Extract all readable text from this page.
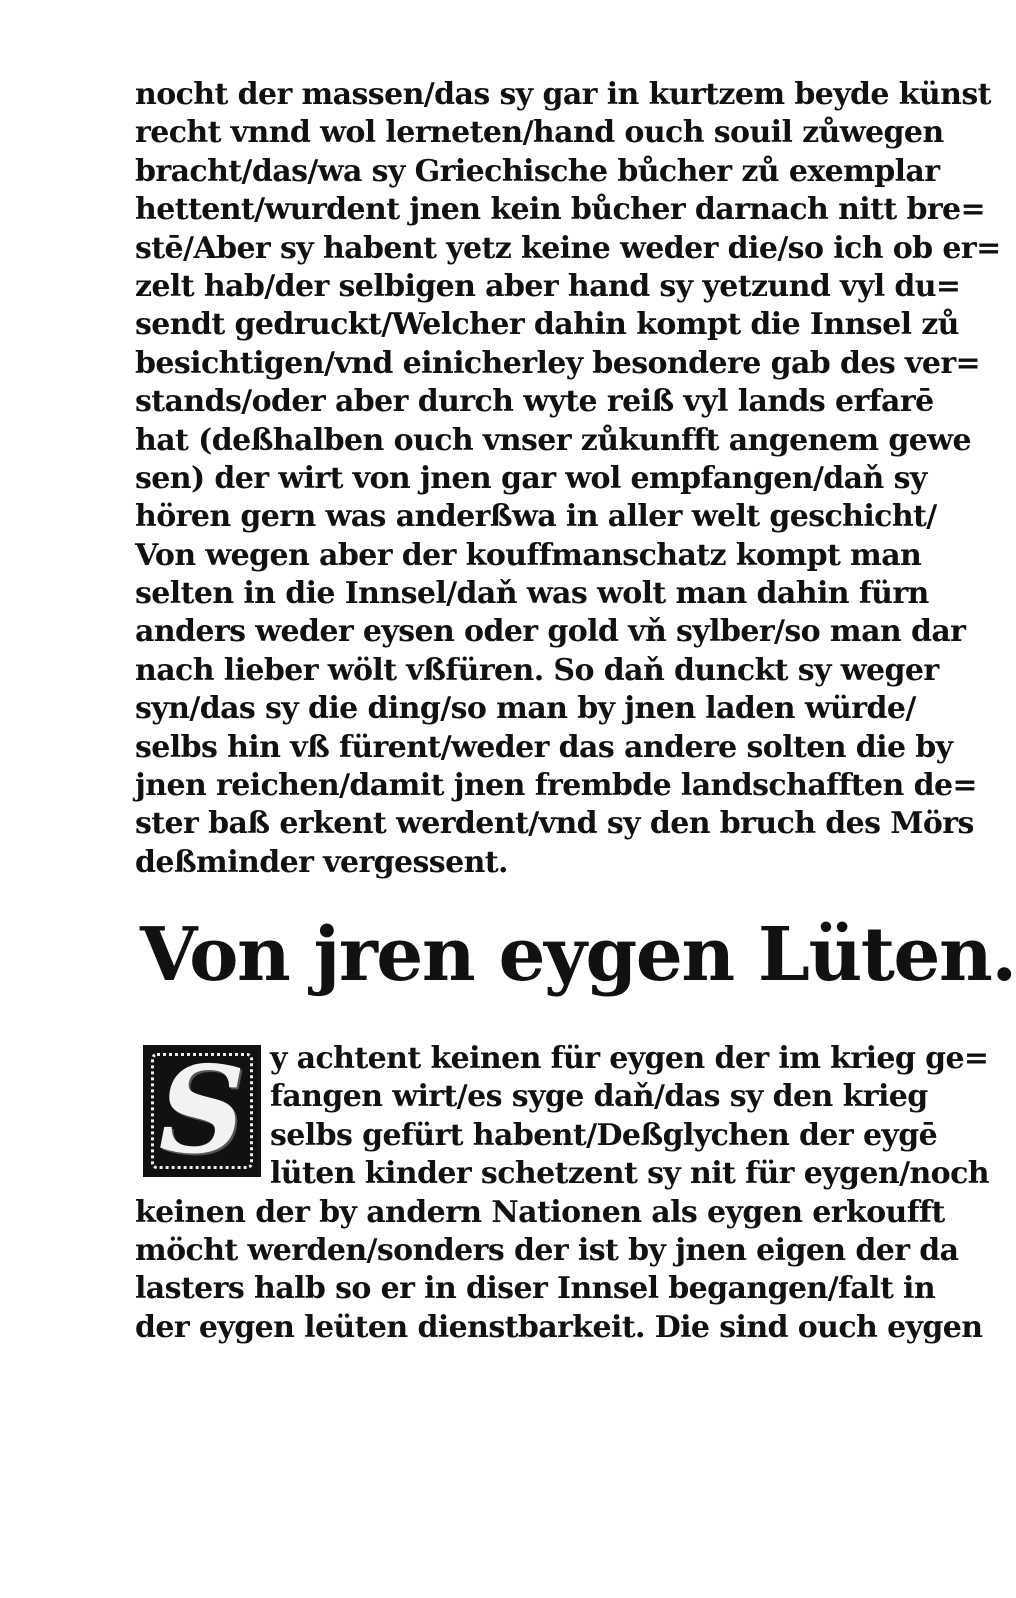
nocht der massen/das sy gar in kurtzem beyde künst
recht vnnd wol lerneten/hand ouch souil zůwegen
bracht/das/wa sy Griechische bůcher zů exemplar
hettent/wurdent jnen kein bůcher darnach nitt bre=
stē/Aber sy habent yetz keine weder die/so ich ob er=
zelt hab/der selbigen aber hand sy yetzund vyl du=
sendt gedruckt/Welcher dahin kompt die Innsel zů
besichtigen/vnd einicherley besondere gab des ver=
stands/oder aber durch wyte reiß vyl lands erfarē
hat (deßhalben ouch vnser zůkunfft angenem gewe
sen) der wirt von jnen gar wol empfangen/daň sy
hören gern was anderßwa in aller welt geschicht/
Von wegen aber der kouffmanschatz kompt man
selten in die Innsel/daň was wolt man dahin fürn
anders weder eysen oder gold vň sylber/so man dar
nach lieber wölt vßfüren. So daň dunckt sy weger
syn/das sy die ding/so man by jnen laden würde/
selbs hin vß fürent/weder das andere solten die by
jnen reichen/damit jnen frembde landschafften de=
ster baß erkent werdent/vnd sy den bruch des Mörs
deßminder vergessent.
Von jren eygen Lüten.
S y achtent keinen für eygen der im krieg ge=
fangen wirt/es syge daň/das sy den krieg
selbs gefürt habent/Deßglychen der eygē
lüten kinder schetzent sy nit für eygen/noch
keinen der by andern Nationen als eygen erkoufft
möcht werden/sonders der ist by jnen eigen der da
lasters halb so er in diser Innsel begangen/falt in
der eygen leüten dienstbarkeit. Die sind ouch eygen
